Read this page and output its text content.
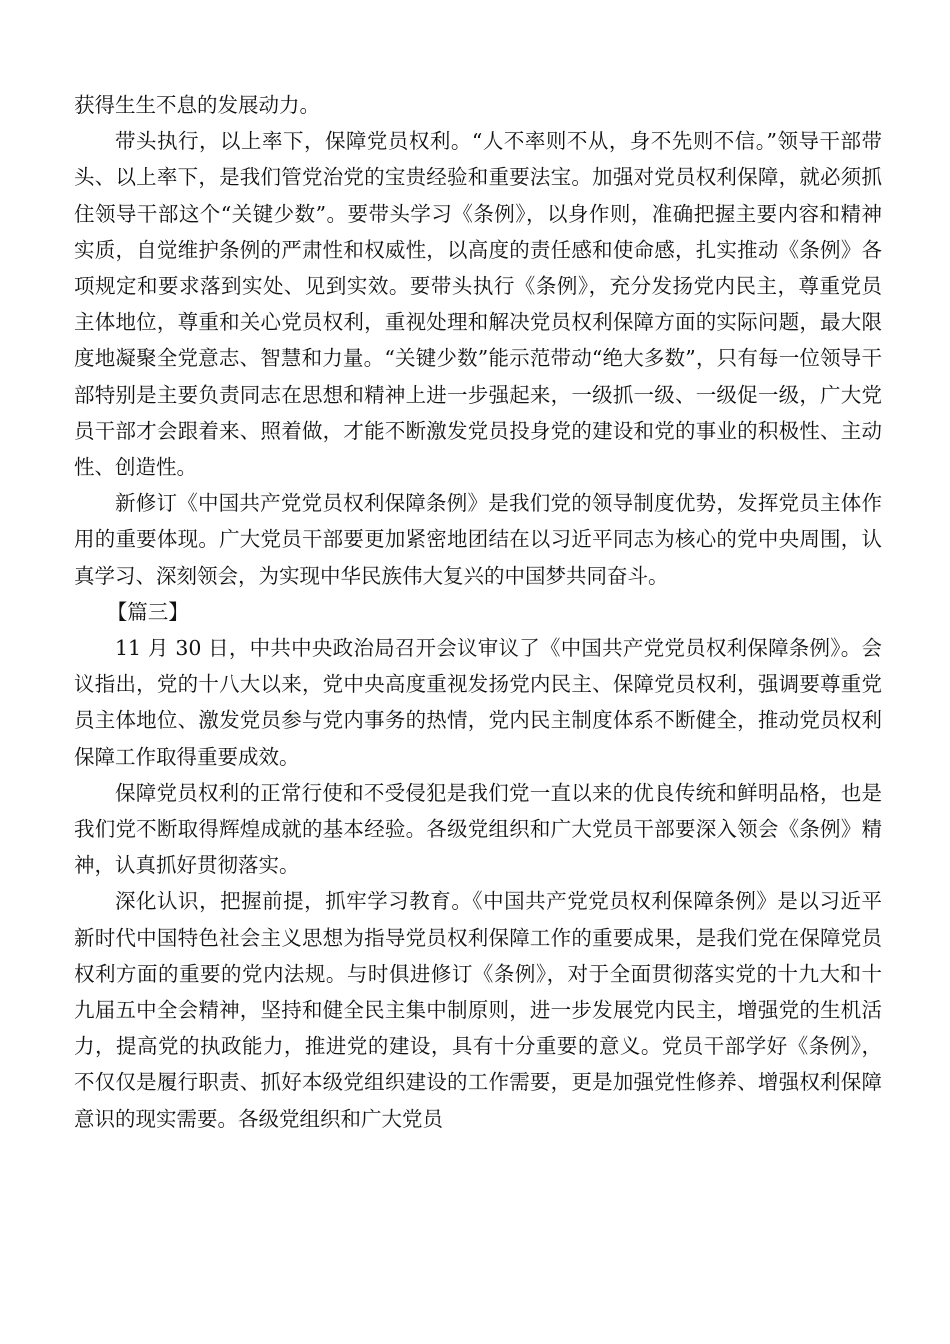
获得生生不息的发展动力。

带头执行，以上率下，保障党员权利。“人不率则不从，身不先则不信。”领导干部带头、以上率下，是我们管党治党的宝贵经验和重要法宝。加强对党员权利保障，就必须抓住领导干部这个“关键少数”。要带头学习《条例》，以身作则，准确把握主要内容和精神实质，自觉维护条例的严肃性和权威性，以高度的责任感和使命感，扎实推动《条例》各项规定和要求落到实处、见到实效。要带头执行《条例》，充分发扬党内民主，尊重党员主体地位，尊重和关心党员权利，重视处理和解决党员权利保障方面的实际问题，最大限度地凝聚全党意志、智慧和力量。“关键少数”能示范带动“绝大多数”，只有每一位领导干部特别是主要负责同志在思想和精神上进一步强起来，一级抓一级、一级促一级，广大党员干部才会跟着来、照着做，才能不断激发党员投身党的建设和党的事业的积极性、主动性、创造性。

新修订《中国共产党党员权利保障条例》是我们党的领导制度优势，发挥党员主体作用的重要体现。广大党员干部要更加紧密地团结在以习近平同志为核心的党中央周围，认真学习、深刻领会，为实现中华民族伟大复兴的中国梦共同奋斗。

【篇三】

11 月 30 日，中共中央政治局召开会议审议了《中国共产党党员权利保障条例》。会议指出，党的十八大以来，党中央高度重视发扬党内民主、保障党员权利，强调要尊重党员主体地位、激发党员参与党内事务的热情，党内民主制度体系不断健全，推动党员权利保障工作取得重要成效。

保障党员权利的正常行使和不受侵犯是我们党一直以来的优良传统和鲜明品格，也是我们党不断取得辉煌成就的基本经验。各级党组织和广大党员干部要深入领会《条例》精神，认真抓好贯彻落实。

深化认识，把握前提，抓牢学习教育。《中国共产党党员权利保障条例》是以习近平新时代中国特色社会主义思想为指导党员权利保障工作的重要成果，是我们党在保障党员权利方面的重要的党内法规。与时俱进修订《条例》，对于全面贯彻落实党的十九大和十九届五中全会精神，坚持和健全民主集中制原则，进一步发展党内民主，增强党的生机活力，提高党的执政能力，推进党的建设，具有十分重要的意义。党员干部学好《条例》，不仅仅是履行职责、抓好本级党组织建设的工作需要，更是加强党性修养、增强权利保障意识的现实需要。各级党组织和广大党员
